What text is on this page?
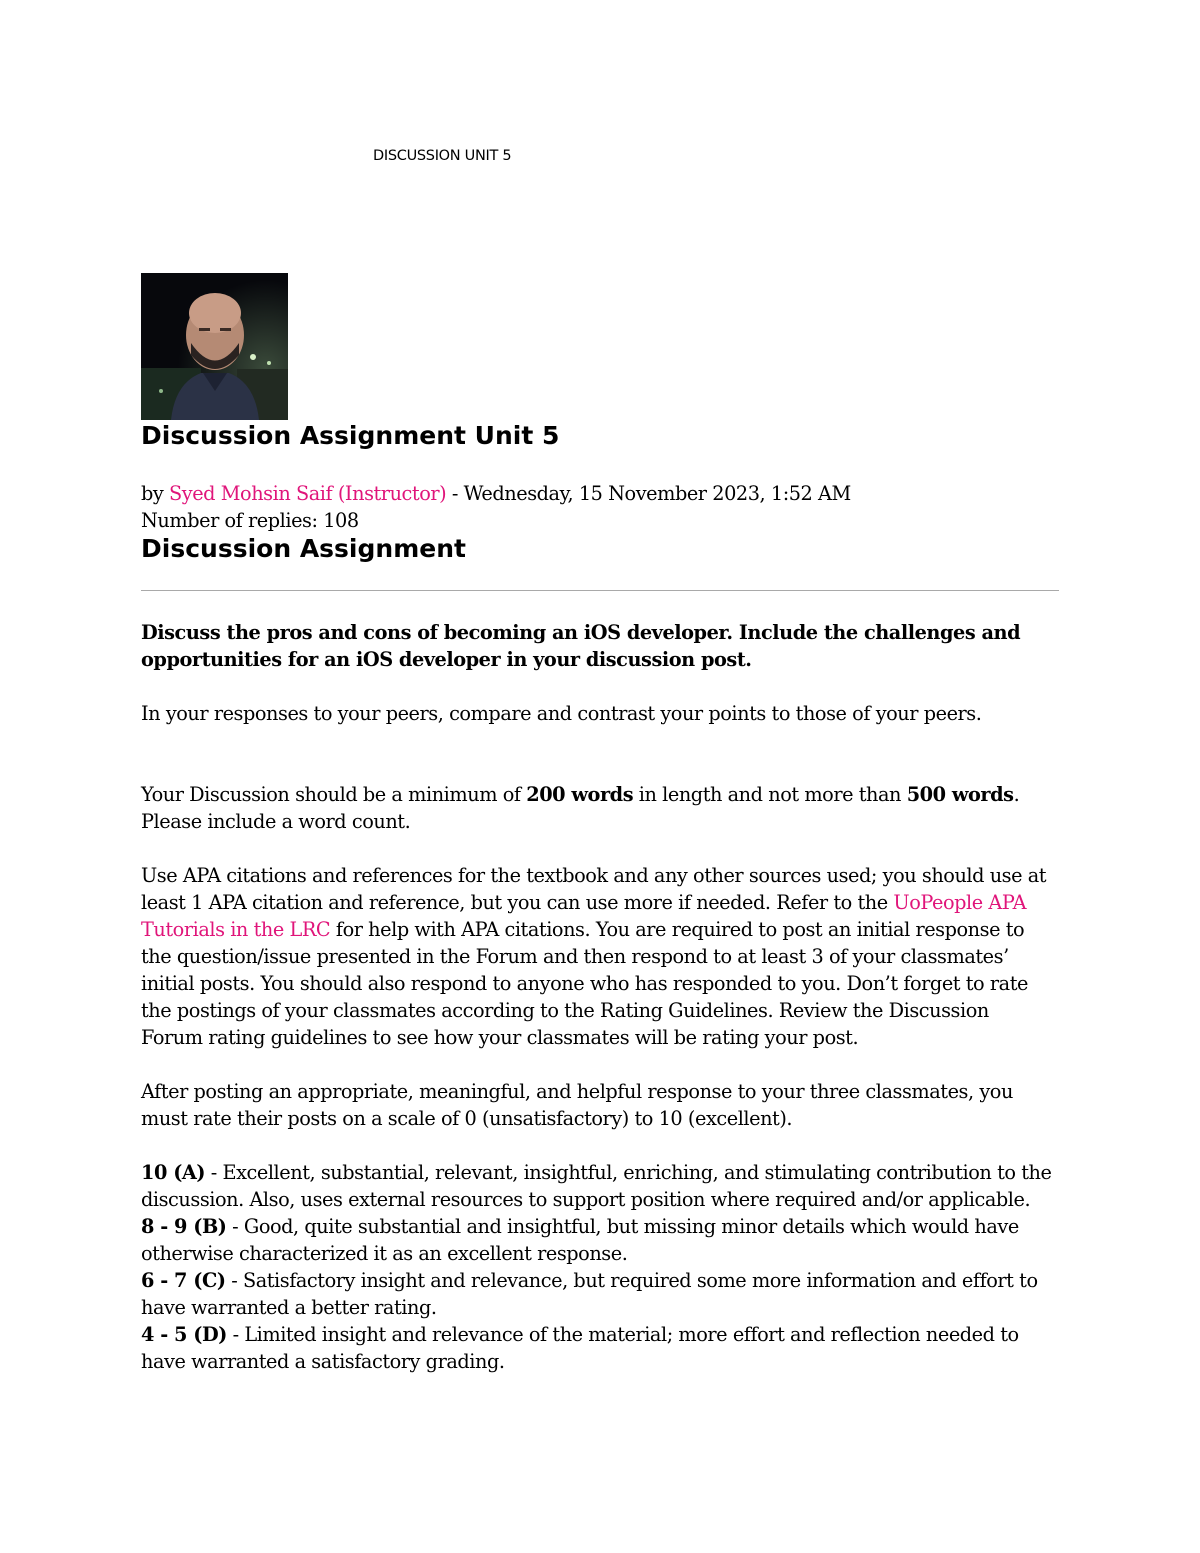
DISCUSSION UNIT 5
Discussion Assignment Unit 5

by Syed Mohsin Saif (Instructor) - Wednesday, 15 November 2023, 1:52 AM

Number of replies: 108

Discussion Assignment

Discuss the pros and cons of becoming an iOS developer. Include the challenges and
opportunities for an iOS developer in your discussion post.

In your responses to your peers, compare and contrast your points to those of your peers.

Your Discussion should be a minimum of 200 words in length and not more than 500 words.
Please include a word count.

Use APA citations and references for the textbook and any other sources used; you should use at
least 1 APA citation and reference, but you can use more if needed. Refer to the UoPeople APA
Tutorials in the LRC for help with APA citations. You are required to post an initial response to
the question/issue presented in the Forum and then respond to at least 3 of your classmates’
initial posts. You should also respond to anyone who has responded to you. Don’t forget to rate
the postings of your classmates according to the Rating Guidelines. Review the Discussion
Forum rating guidelines to see how your classmates will be rating your post.

After posting an appropriate, meaningful, and helpful response to your three classmates, you
must rate their posts on a scale of 0 (unsatisfactory) to 10 (excellent).

10 (A) - Excellent, substantial, relevant, insightful, enriching, and stimulating contribution to the
discussion. Also, uses external resources to support position where required and/or applicable.

8 - 9 (B) - Good, quite substantial and insightful, but missing minor details which would have
otherwise characterized it as an excellent response.

6 - 7 (C) - Satisfactory insight and relevance, but required some more information and effort to
have warranted a better rating.

4 - 5 (D) - Limited insight and relevance of the material; more effort and reflection needed to
have warranted a satisfactory grading.
